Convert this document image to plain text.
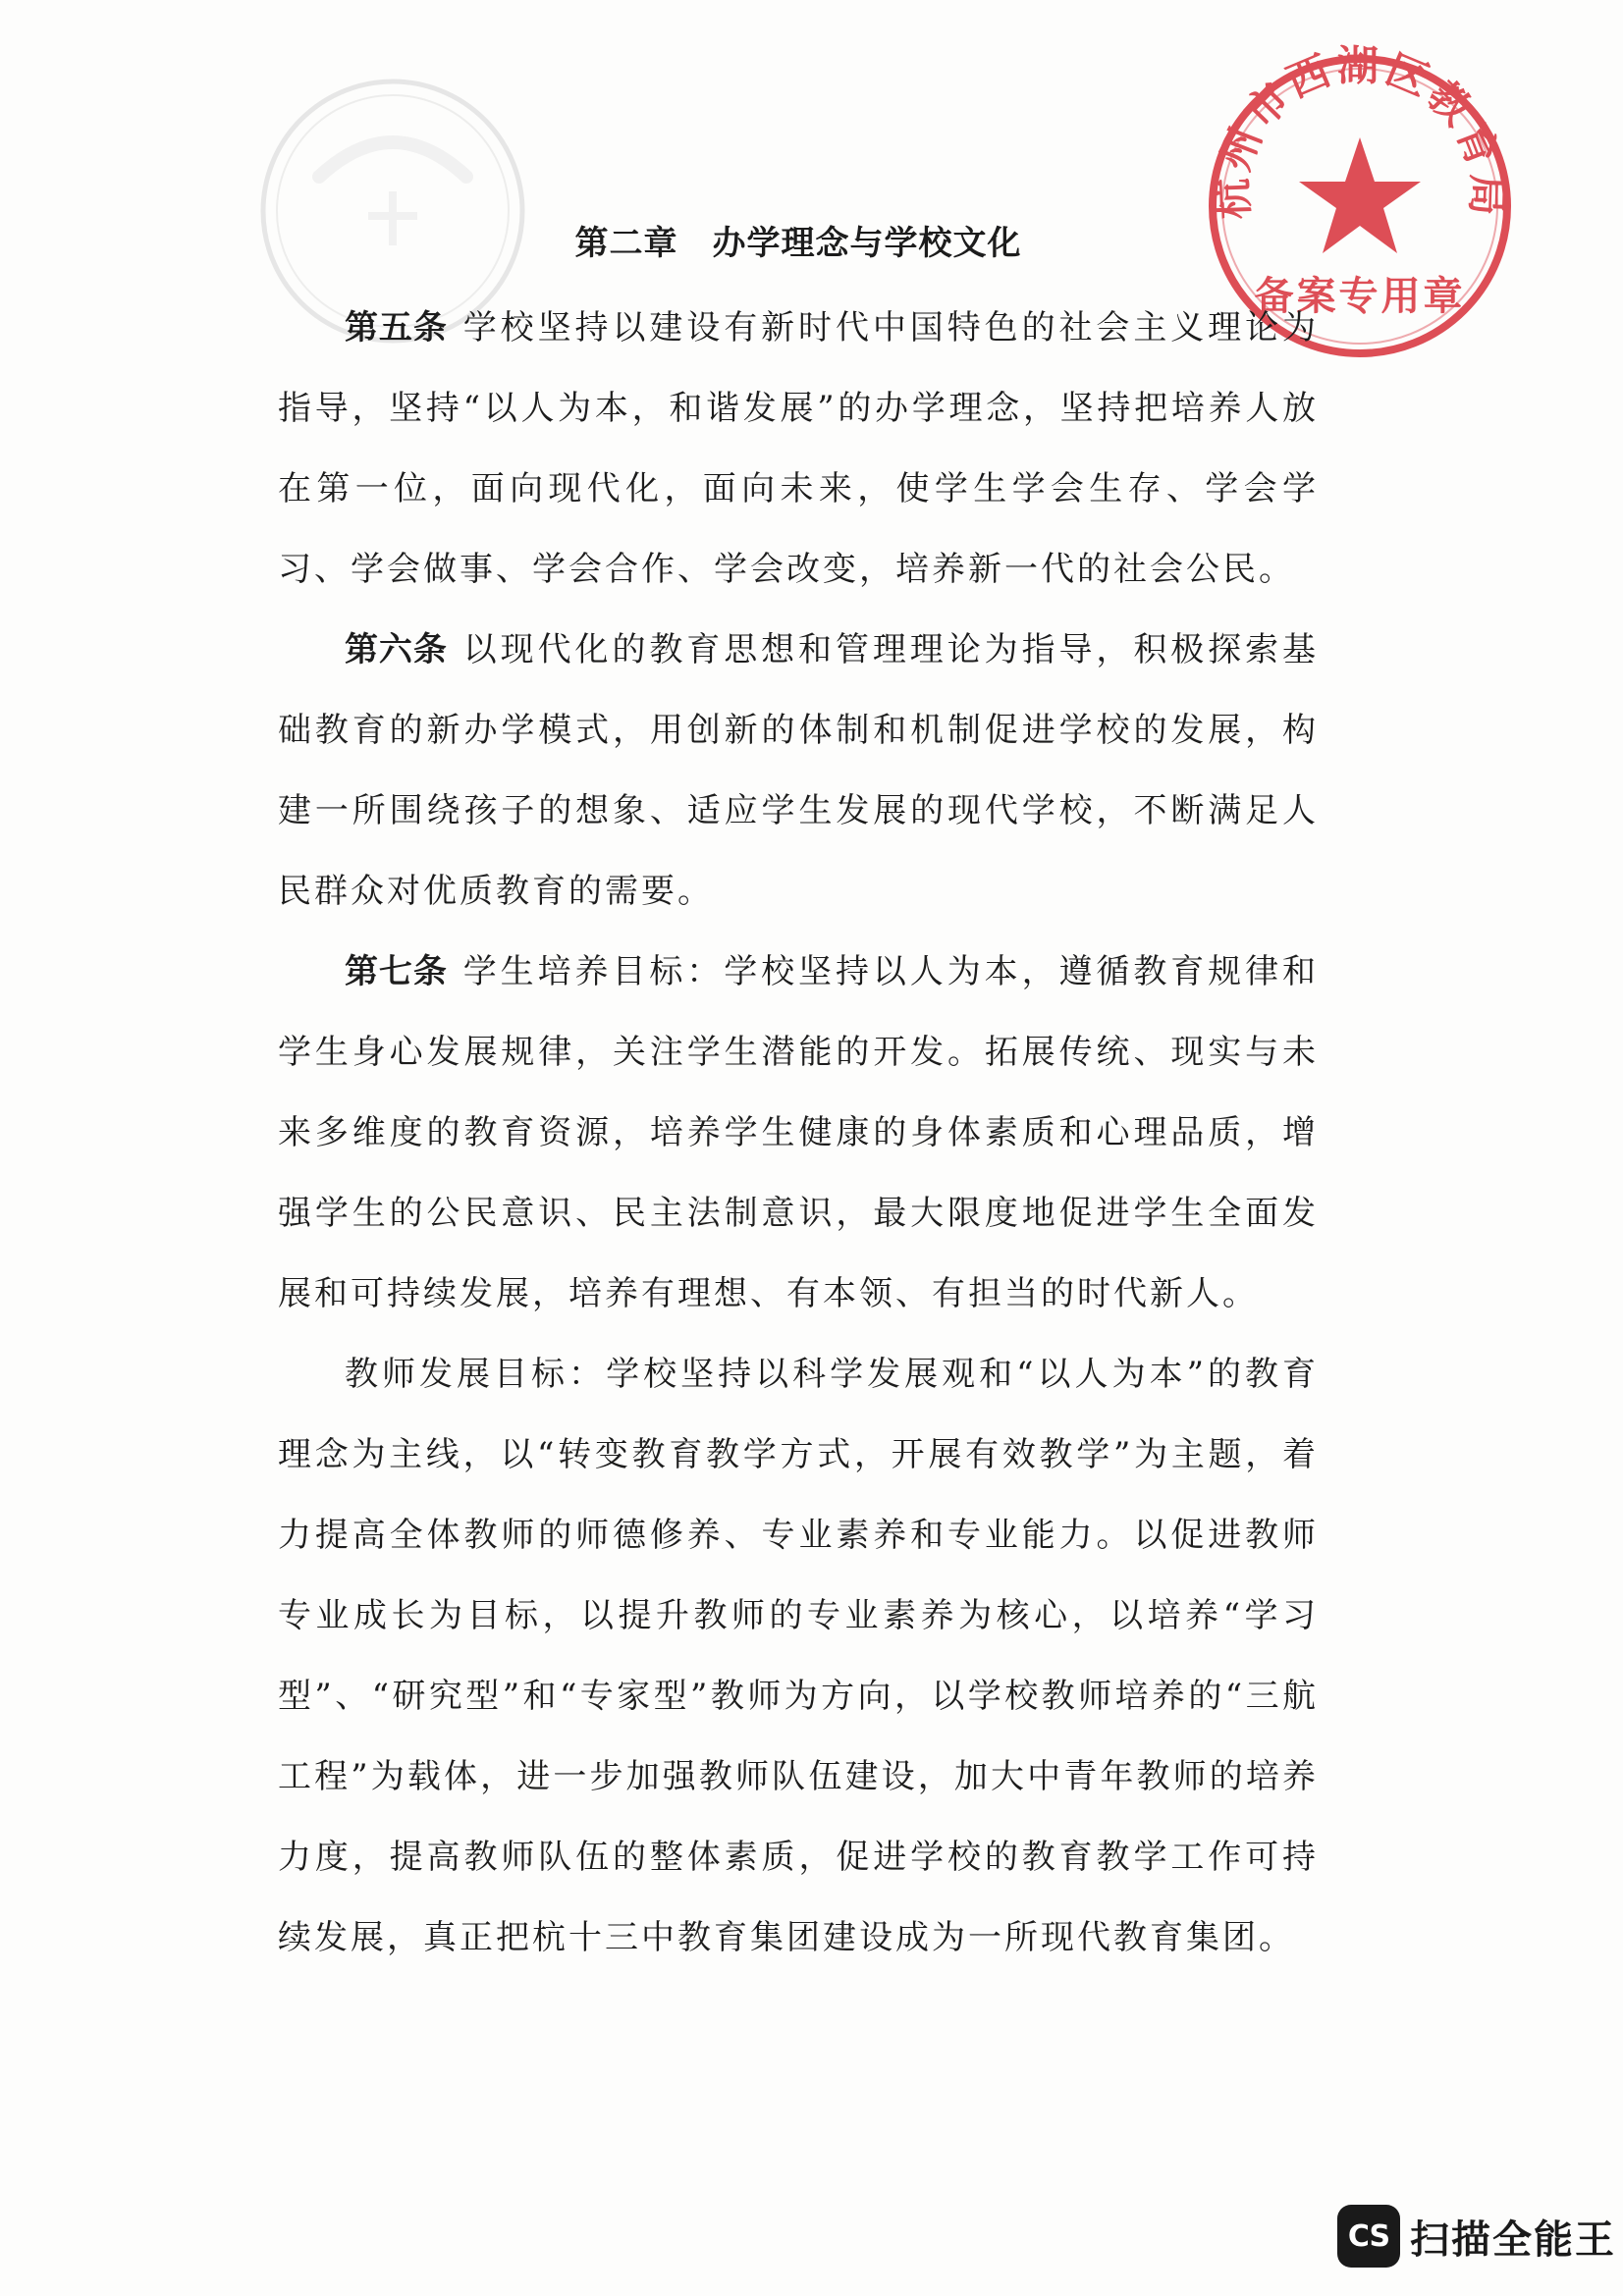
杭州市西湖区教育局
备案专用章
第二章　办学理念与学校文化

第五条 学校坚持以建设有新时代中国特色的社会主义理论为指导，坚持“以人为本，和谐发展”的办学理念，坚持把培养人放在第一位，面向现代化，面向未来，使学生学会生存、学会学习、学会做事、学会合作、学会改变，培养新一代的社会公民。

第六条 以现代化的教育思想和管理理论为指导，积极探索基础教育的新办学模式，用创新的体制和机制促进学校的发展，构建一所围绕孩子的想象、适应学生发展的现代学校，不断满足人民群众对优质教育的需要。

第七条 学生培养目标：学校坚持以人为本，遵循教育规律和学生身心发展规律，关注学生潜能的开发。拓展传统、现实与未来多维度的教育资源，培养学生健康的身体素质和心理品质，增强学生的公民意识、民主法制意识，最大限度地促进学生全面发展和可持续发展，培养有理想、有本领、有担当的时代新人。

教师发展目标：学校坚持以科学发展观和“以人为本”的教育理念为主线，以“转变教育教学方式，开展有效教学”为主题，着力提高全体教师的师德修养、专业素养和专业能力。以促进教师专业成长为目标，以提升教师的专业素养为核心，以培养“学习型”、“研究型”和“专家型”教师为方向，以学校教师培养的“三航工程”为载体，进一步加强教师队伍建设，加大中青年教师的培养力度，提高教师队伍的整体素质，促进学校的教育教学工作可持续发展，真正把杭十三中教育集团建设成为一所现代教育集团。

CS 扫描全能王
